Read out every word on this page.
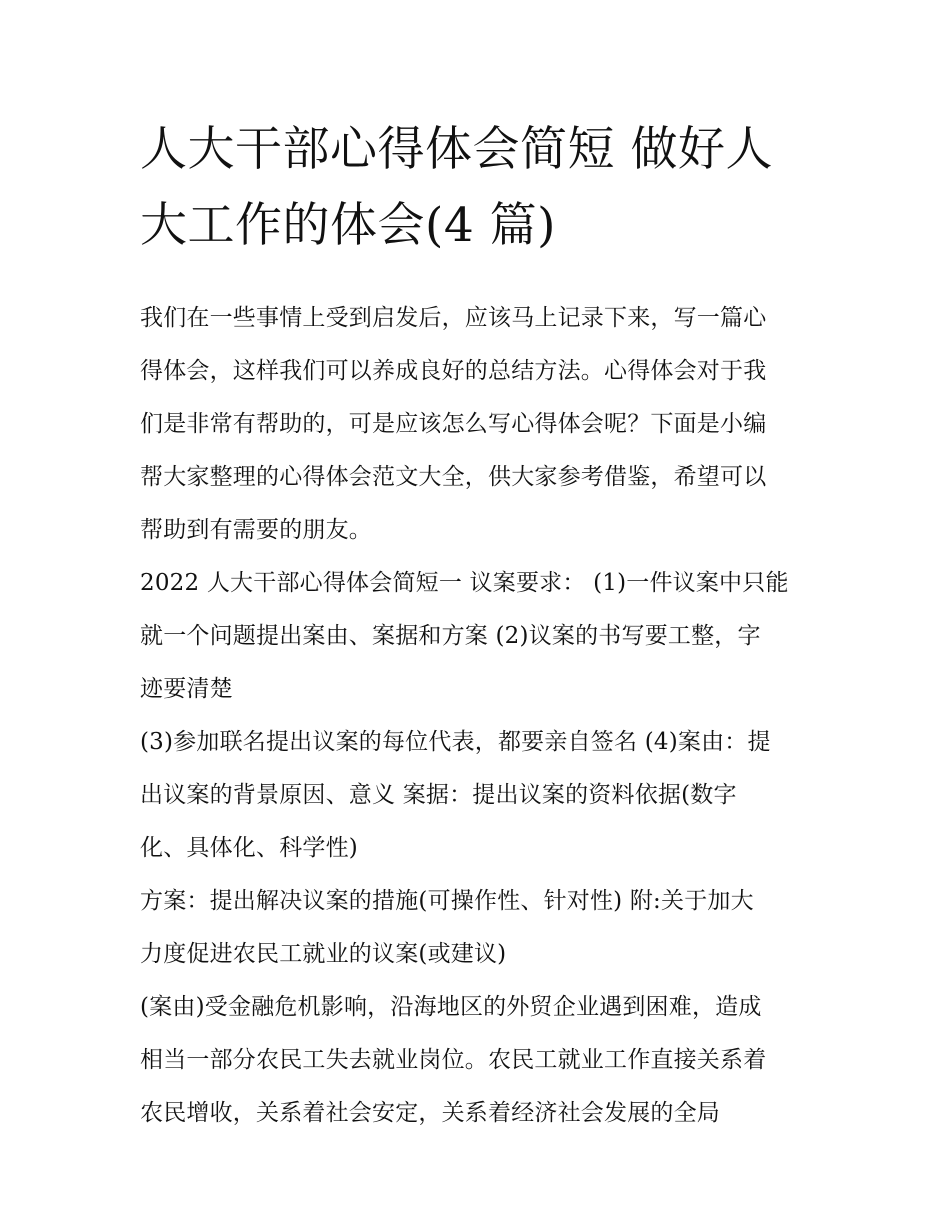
人大干部心得体会简短 做好人
大工作的体会(4 篇)

我们在一些事情上受到启发后，应该马上记录下来，写一篇心

得体会，这样我们可以养成良好的总结方法。心得体会对于我

们是非常有帮助的，可是应该怎么写心得体会呢？下面是小编

帮大家整理的心得体会范文大全，供大家参考借鉴，希望可以

帮助到有需要的朋友。

2022 人大干部心得体会简短一 议案要求： (1)一件议案中只能

就一个问题提出案由、案据和方案 (2)议案的书写要工整，字

迹要清楚

(3)参加联名提出议案的每位代表，都要亲自签名 (4)案由：提

出议案的背景原因、意义 案据：提出议案的资料依据(数字

化、具体化、科学性)

方案：提出解决议案的措施(可操作性、针对性) 附:关于加大

力度促进农民工就业的议案(或建议)

(案由)受金融危机影响，沿海地区的外贸企业遇到困难，造成

相当一部分农民工失去就业岗位。农民工就业工作直接关系着

农民增收，关系着社会安定，关系着经济社会发展的全局
